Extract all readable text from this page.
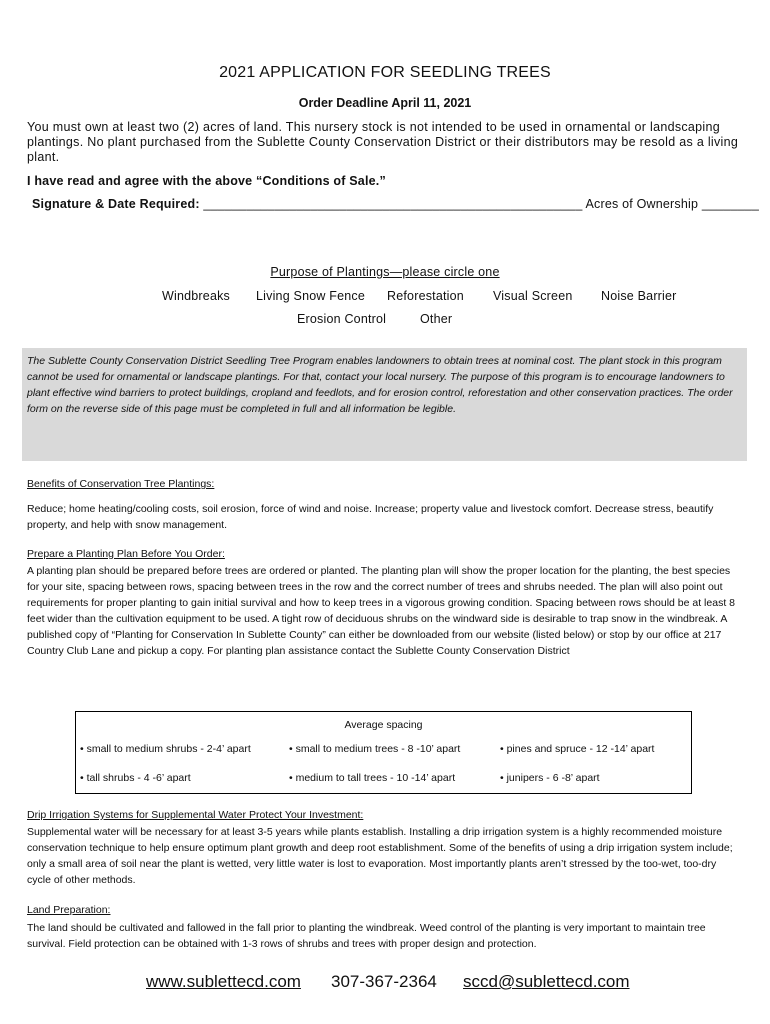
2021 APPLICATION FOR SEEDLING TREES
Order Deadline April 11, 2021
You must own at least two (2) acres of land. This nursery stock is not intended to be used in ornamental or landscaping plantings. No plant purchased from the Sublette County Conservation District or their distributors may be resold as a living plant.
I have read and agree with the above “Conditions of Sale.”
Signature & Date Required: _____________________________________________________ Acres of Ownership ________
Purpose of Plantings—please circle one
Windbreaks Living Snow Fence Reforestation Visual Screen Noise Barrier
Erosion Control	Other
The Sublette County Conservation District Seedling Tree Program enables landowners to obtain trees at nominal cost. The plant stock in this program cannot be used for ornamental or landscape plantings. For that, contact your local nursery. The purpose of this program is to encourage landowners to plant effective wind barriers to protect buildings, cropland and feedlots, and for erosion control, reforestation and other conservation practices. The order form on the reverse side of this page must be completed in full and all information be legible.
Benefits of Conservation Tree Plantings:
Reduce; home heating/cooling costs, soil erosion, force of wind and noise. Increase; property value and livestock comfort. Decrease stress, beautify property, and help with snow management.
Prepare a Planting Plan Before You Order:
A planting plan should be prepared before trees are ordered or planted. The planting plan will show the proper location for the planting, the best species for your site, spacing between rows, spacing between trees in the row and the correct number of trees and shrubs needed. The plan will also point out requirements for proper planting to gain initial survival and how to keep trees in a vigorous growing condition. Spacing between rows should be at least 8 feet wider than the cultivation equipment to be used. A tight row of deciduous shrubs on the windward side is desirable to trap snow in the windbreak. A published copy of “Planting for Conservation In Sublette County” can either be downloaded from our website (listed below) or stop by our office at 217 Country Club Lane and pickup a copy. For planting plan assistance contact the Sublette County Conservation District
Average spacing
• small to medium shrubs - 2-4’ apart	• small to medium trees - 8 -10’ apart	• pines and spruce - 12 -14’ apart
• tall shrubs - 4 -6’ apart	• medium to tall trees - 10 -14’ apart	• junipers - 6 -8’ apart
Drip Irrigation Systems for Supplemental Water Protect Your Investment:
Supplemental water will be necessary for at least 3-5 years while plants establish. Installing a drip irrigation system is a highly recommended moisture conservation technique to help ensure optimum plant growth and deep root establishment. Some of the benefits of using a drip irrigation system include; only a small area of soil near the plant is wetted, very little water is lost to evaporation. Most importantly plants aren’t stressed by the too-wet, too-dry cycle of other methods.
Land Preparation:
The land should be cultivated and fallowed in the fall prior to planting the windbreak. Weed control of the planting is very important to maintain tree survival. Field protection can be obtained with 1-3 rows of shrubs and trees with proper design and protection.
www.sublettecd.com 307-367-2364 sccd@sublettecd.com
